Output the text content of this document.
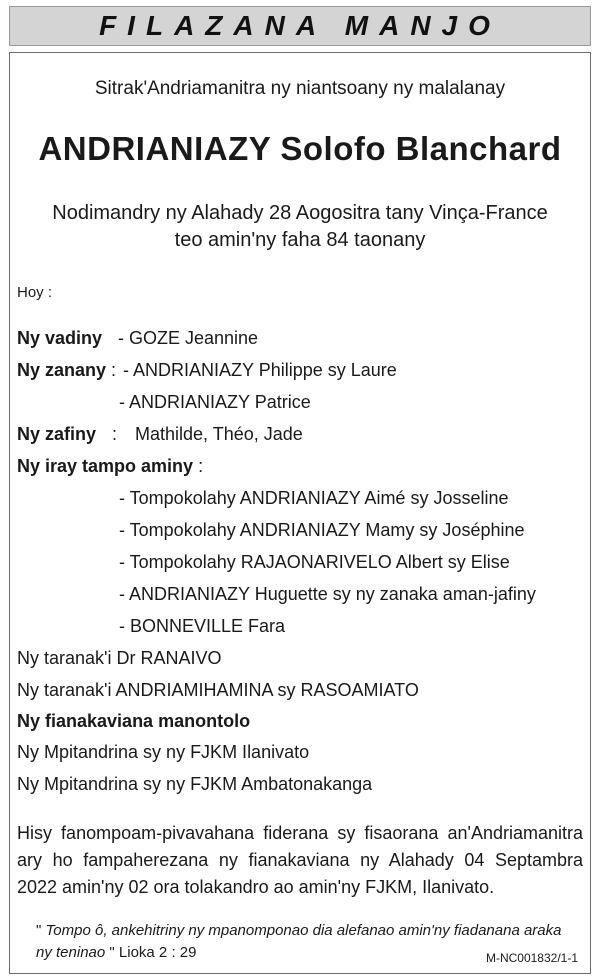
FILAZANA MANJO
Sitrak'Andriamanitra ny niantsoany ny malalanay
ANDRIANIAZY Solofo Blanchard
Nodimandry ny Alahady 28 Aogositra tany Vinça-France
teo amin'ny faha 84 taonany
Hoy :
Ny vadiny - GOZE Jeannine
Ny zanany : - ANDRIANIAZY Philippe sy Laure
- ANDRIANIAZY Patrice
Ny zafiny : Mathilde, Théo, Jade
Ny iray tampo aminy :
- Tompokolahy ANDRIANIAZY Aimé sy Josseline
- Tompokolahy ANDRIANIAZY Mamy sy Joséphine
- Tompokolahy RAJAONARIVELO Albert sy Elise
- ANDRIANIAZY Huguette sy ny zanaka aman-jafiny
- BONNEVILLE Fara
Ny taranak'i Dr RANAIVO
Ny taranak'i ANDRIAMIHAMINA sy RASOAMIATO
Ny fianakaviana manontolo
Ny Mpitandrina sy ny FJKM Ilanivato
Ny Mpitandrina sy ny FJKM Ambatonakanga
Hisy fanompoam-pivavahana fiderana sy fisaorana an'Andriamanitra ary ho fampaherezana ny fianakaviana ny Alahady 04 Septambra 2022 amin'ny 02 ora tolakandro ao amin'ny FJKM, Ilanivato.
" Tompo ô, ankehitriny ny mpanomponao dia alefanao amin'ny fiadanana araka ny teninao " Lioka 2 : 29	M-NC001832/1-1
